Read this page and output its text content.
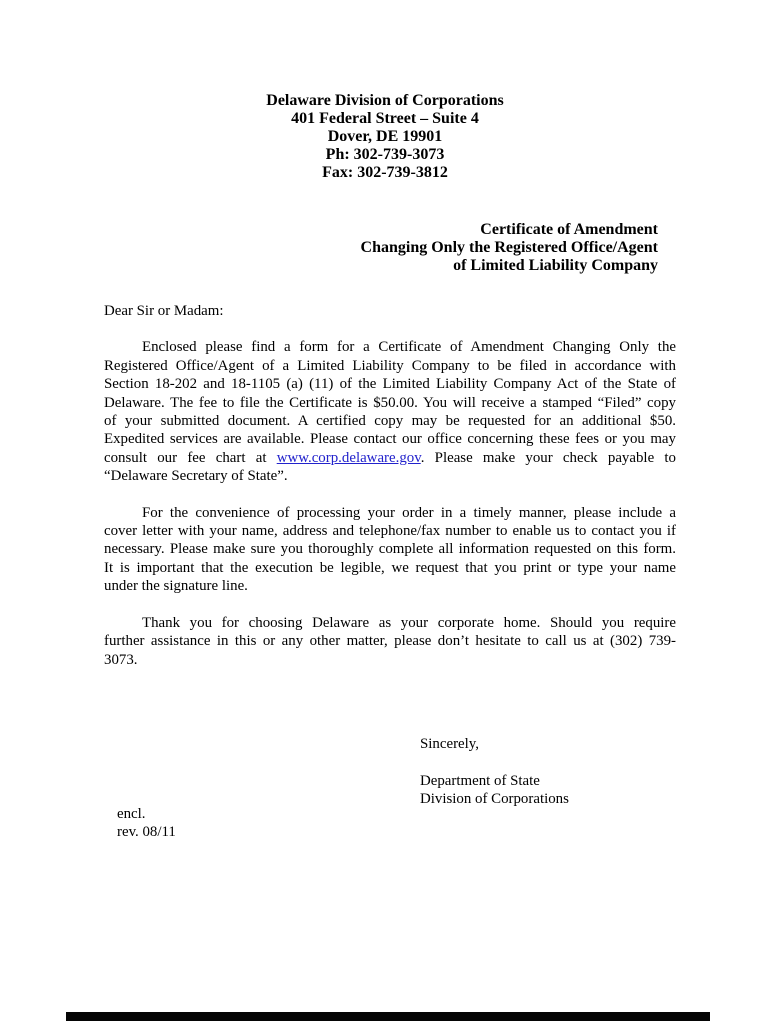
Delaware Division of Corporations
401 Federal Street – Suite 4
Dover, DE 19901
Ph: 302-739-3073
Fax: 302-739-3812
Certificate of Amendment
Changing Only the Registered Office/Agent
of Limited Liability Company
Dear Sir or Madam:
Enclosed please find a form for a Certificate of Amendment Changing Only the
Registered Office/Agent of a Limited Liability Company to be filed in accordance with
Section 18-202 and 18-1105 (a) (11) of the Limited Liability Company Act of the State of
Delaware. The fee to file the Certificate is $50.00. You will receive a stamped “Filed” copy
of your submitted document. A certified copy may be requested for an additional $50.
Expedited services are available. Please contact our office concerning these fees or you may
consult our fee chart at www.corp.delaware.gov. Please make your check payable to
“Delaware Secretary of State”.
For the convenience of processing your order in a timely manner, please include a
cover letter with your name, address and telephone/fax number to enable us to contact you if
necessary. Please make sure you thoroughly complete all information requested on this form.
It is important that the execution be legible, we request that you print or type your name
under the signature line.
Thank you for choosing Delaware as your corporate home. Should you require
further assistance in this or any other matter, please don’t hesitate to call us at (302) 739-
3073.
Sincerely,
Department of State
Division of Corporations
encl.
rev. 08/11
